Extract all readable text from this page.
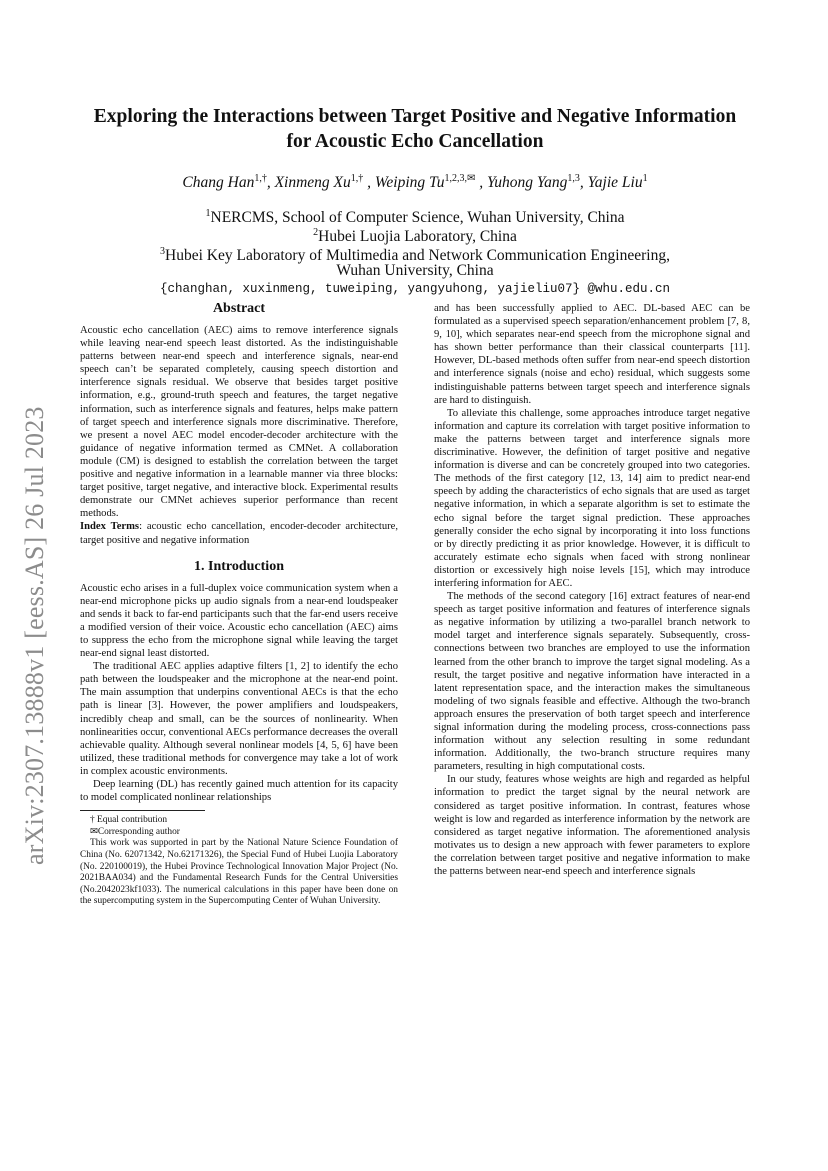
arXiv:2307.13888v1 [eess.AS] 26 Jul 2023
Exploring the Interactions between Target Positive and Negative Information
for Acoustic Echo Cancellation
Chang Han$^{1,\dagger}$, Xinmeng $Xu^{1,\dagger}$ , Weiping $Tu^{1,2,3,✉}$ , Yuhong Yang$^{1,3}$, Yajie Liu$^1$
$^1$NERCMS, School of Computer Science, Wuhan University, China
$^2$Hubei Luojia Laboratory, China
$^3$Hubei Key Laboratory of Multimedia and Network Communication Engineering,
Wuhan University, China
{changhan, xuxinmeng, tuweiping, yangyuhong, yajieliu07} @whu.edu.cn
Abstract

Acoustic echo cancellation (AEC) aims to remove interference signals while leaving near-end speech least distorted. As the indistinguishable patterns between near-end speech and interference signals, near-end speech can’t be separated completely, causing speech distortion and interference signals residual. We observe that besides target positive information, e.g., ground-truth speech and features, the target negative information, such as interference signals and features, helps make pattern of target speech and interference signals more discriminative. Therefore, we present a novel AEC model encoder-decoder architecture with the guidance of negative information termed as CMNet. A collaboration module (CM) is designed to establish the correlation between the target positive and negative information in a learnable manner via three blocks: target positive, target negative, and interactive block. Experimental results demonstrate our CMNet achieves superior performance than recent methods.

Index Terms: acoustic echo cancellation, encoder-decoder architecture, target positive and negative information

1. Introduction

Acoustic echo arises in a full-duplex voice communication system when a near-end microphone picks up audio signals from a near-end loudspeaker and sends it back to far-end participants such that the far-end users receive a modified version of their voice. Acoustic echo cancellation (AEC) aims to suppress the echo from the microphone signal while leaving the target near-end signal least distorted.

The traditional AEC applies adaptive filters [1, 2] to identify the echo path between the loudspeaker and the microphone at the near-end point. The main assumption that underpins conventional AECs is that the echo path is linear [3]. However, the power amplifiers and loudspeakers, incredibly cheap and small, can be the sources of nonlinearity. When nonlinearities occur, conventional AECs performance decreases the overall achievable quality. Although several nonlinear models [4, 5, 6] have been utilized, these traditional methods for convergence may take a lot of work in complex acoustic environments.

Deep learning (DL) has recently gained much attention for its capacity to model complicated nonlinear relationships

† Equal contribution

✉Corresponding author

This work was supported in part by the National Nature Science Foundation of China (No. 62071342, No.62171326), the Special Fund of Hubei Luojia Laboratory (No. 220100019), the Hubei Province Technological Innovation Major Project (No. 2021BAA034) and the Fundamental Research Funds for the Central Universities (No.2042023kf1033). The numerical calculations in this paper have been done on the supercomputing system in the Supercomputing Center of Wuhan University.

and has been successfully applied to AEC. DL-based AEC can be formulated as a supervised speech separation/enhancement problem [7, 8, 9, 10], which separates near-end speech from the microphone signal and has shown better performance than their classical counterparts [11]. However, DL-based methods often suffer from near-end speech distortion and interference signals (noise and echo) residual, which suggests some indistinguishable patterns between target speech and interference signals are hard to distinguish.

To alleviate this challenge, some approaches introduce target negative information and capture its correlation with target positive information to make the patterns between target and interference signals more discriminative. However, the definition of target positive and negative information is diverse and can be concretely grouped into two categories. The methods of the first category [12, 13, 14] aim to predict near-end speech by adding the characteristics of echo signals that are used as target negative information, in which a separate algorithm is set to estimate the echo signal before the target signal prediction. These approaches generally consider the echo signal by incorporating it into loss functions or by directly predicting it as prior knowledge. However, it is difficult to accurately estimate echo signals when faced with strong nonlinear distortion or excessively high noise levels [15], which may introduce interfering information for AEC.

The methods of the second category [16] extract features of near-end speech as target positive information and features of interference signals as negative information by utilizing a two-parallel branch network to model target and interference signals separately. Subsequently, cross-connections between two branches are employed to use the information learned from the other branch to improve the target signal modeling. As a result, the target positive and negative information have interacted in a latent representation space, and the interaction makes the simultaneous modeling of two signals feasible and effective. Although the two-branch approach ensures the preservation of both target speech and interference signal information during the modeling process, cross-connections pass information without any selection resulting in some redundant information. Additionally, the two-branch structure requires many parameters, resulting in high computational costs.

In our study, features whose weights are high and regarded as helpful information to predict the target signal by the neural network are considered as target positive information. In contrast, features whose weight is low and regarded as interference information by the network are considered as target negative information. The aforementioned analysis motivates us to design a new approach with fewer parameters to explore the correlation between target positive and negative information to make the patterns between near-end speech and interference signals
